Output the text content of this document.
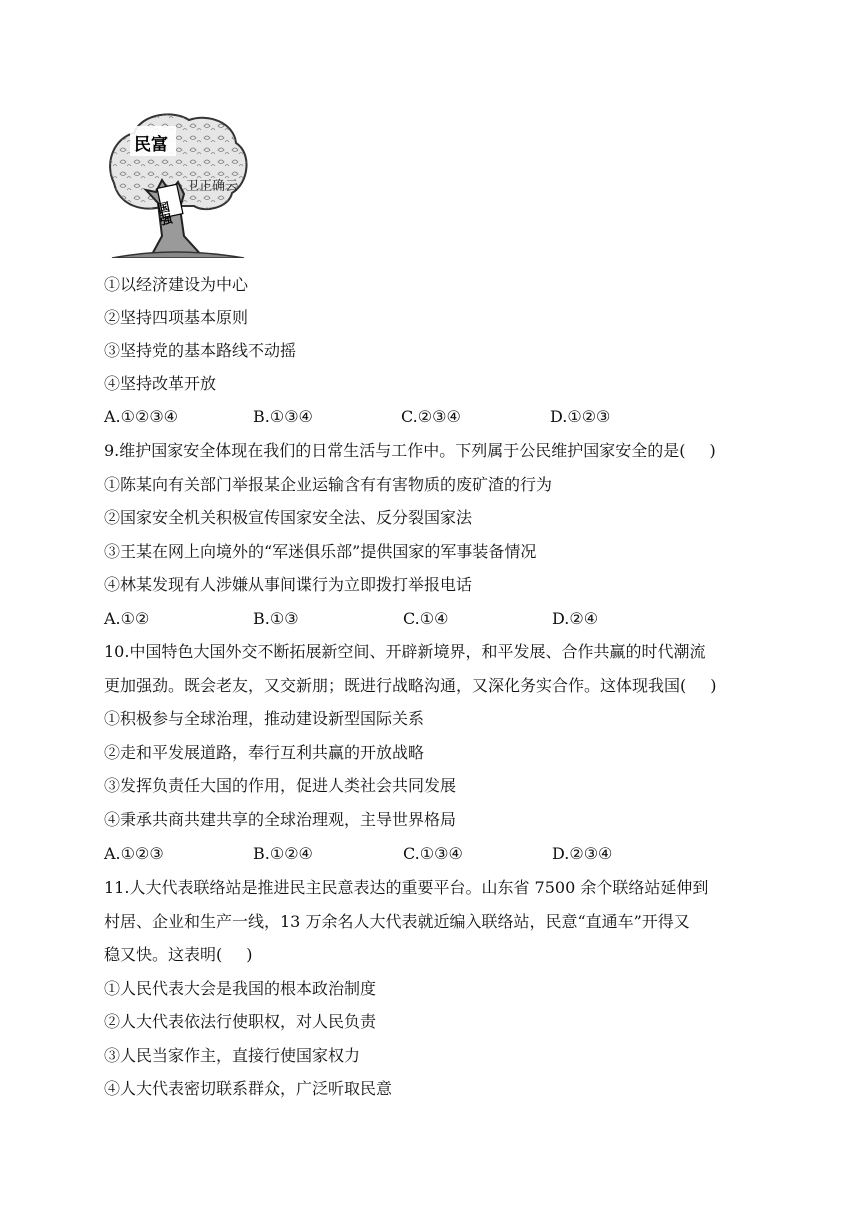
民富
国强
卫正确云
①以经济建设为中心
②坚持四项基本原则
③坚持党的基本路线不动摇
④坚持改革开放
A.①②③④	B.①③④	C.②③④	D.①②③
9.维护国家安全体现在我们的日常生活与工作中。下列属于公民维护国家安全的是( )
①陈某向有关部门举报某企业运输含有有害物质的废矿渣的行为
②国家安全机关积极宣传国家安全法、反分裂国家法
③王某在网上向境外的“军迷俱乐部”提供国家的军事装备情况
④林某发现有人涉嫌从事间谍行为立即拨打举报电话
A.①②	B.①③	C.①④	D.②④
10.中国特色大国外交不断拓展新空间、开辟新境界，和平发展、合作共赢的时代潮流
更加强劲。既会老友，又交新朋；既进行战略沟通，又深化务实合作。这体现我国( )
①积极参与全球治理，推动建设新型国际关系
②走和平发展道路，奉行互利共赢的开放战略
③发挥负责任大国的作用，促进人类社会共同发展
④秉承共商共建共享的全球治理观，主导世界格局
A.①②③	B.①②④	C.①③④	D.②③④
11.人大代表联络站是推进民主民意表达的重要平台。山东省 7500 余个联络站延伸到
村居、企业和生产一线，13 万余名人大代表就近编入联络站，民意“直通车”开得又
稳又快。这表明( )
①人民代表大会是我国的根本政治制度
②人大代表依法行使职权，对人民负责
③人民当家作主，直接行使国家权力
④人大代表密切联系群众，广泛听取民意
